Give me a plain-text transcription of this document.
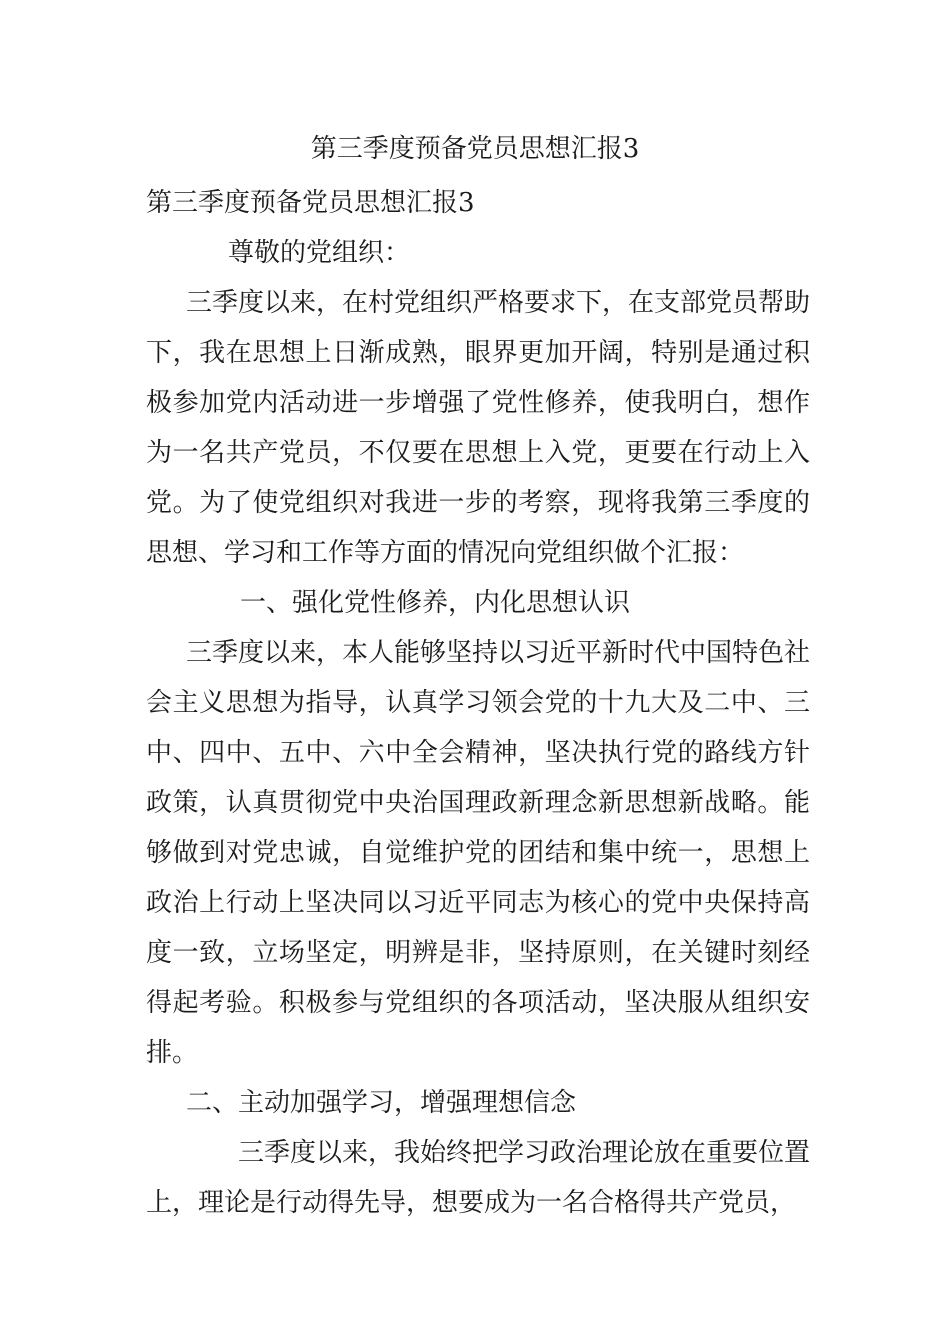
第三季度预备党员思想汇报3

第三季度预备党员思想汇报3

尊敬的党组织：

三季度以来，在村党组织严格要求下，在支部党员帮助下，我在思想上日渐成熟，眼界更加开阔，特别是通过积极参加党内活动进一步增强了党性修养，使我明白，想作为一名共产党员，不仅要在思想上入党，更要在行动上入党。为了使党组织对我进一步的考察，现将我第三季度的思想、学习和工作等方面的情况向党组织做个汇报：

一、强化党性修养，内化思想认识

三季度以来，本人能够坚持以习近平新时代中国特色社会主义思想为指导，认真学习领会党的十九大及二中、三中、四中、五中、六中全会精神，坚决执行党的路线方针政策，认真贯彻党中央治国理政新理念新思想新战略。能够做到对党忠诚，自觉维护党的团结和集中统一，思想上政治上行动上坚决同以习近平同志为核心的党中央保持高度一致，立场坚定，明辨是非，坚持原则，在关键时刻经得起考验。积极参与党组织的各项活动，坚决服从组织安排。

二、主动加强学习，增强理想信念

三季度以来，我始终把学习政治理论放在重要位置上，理论是行动得先导，想要成为一名合格得共产党员，
